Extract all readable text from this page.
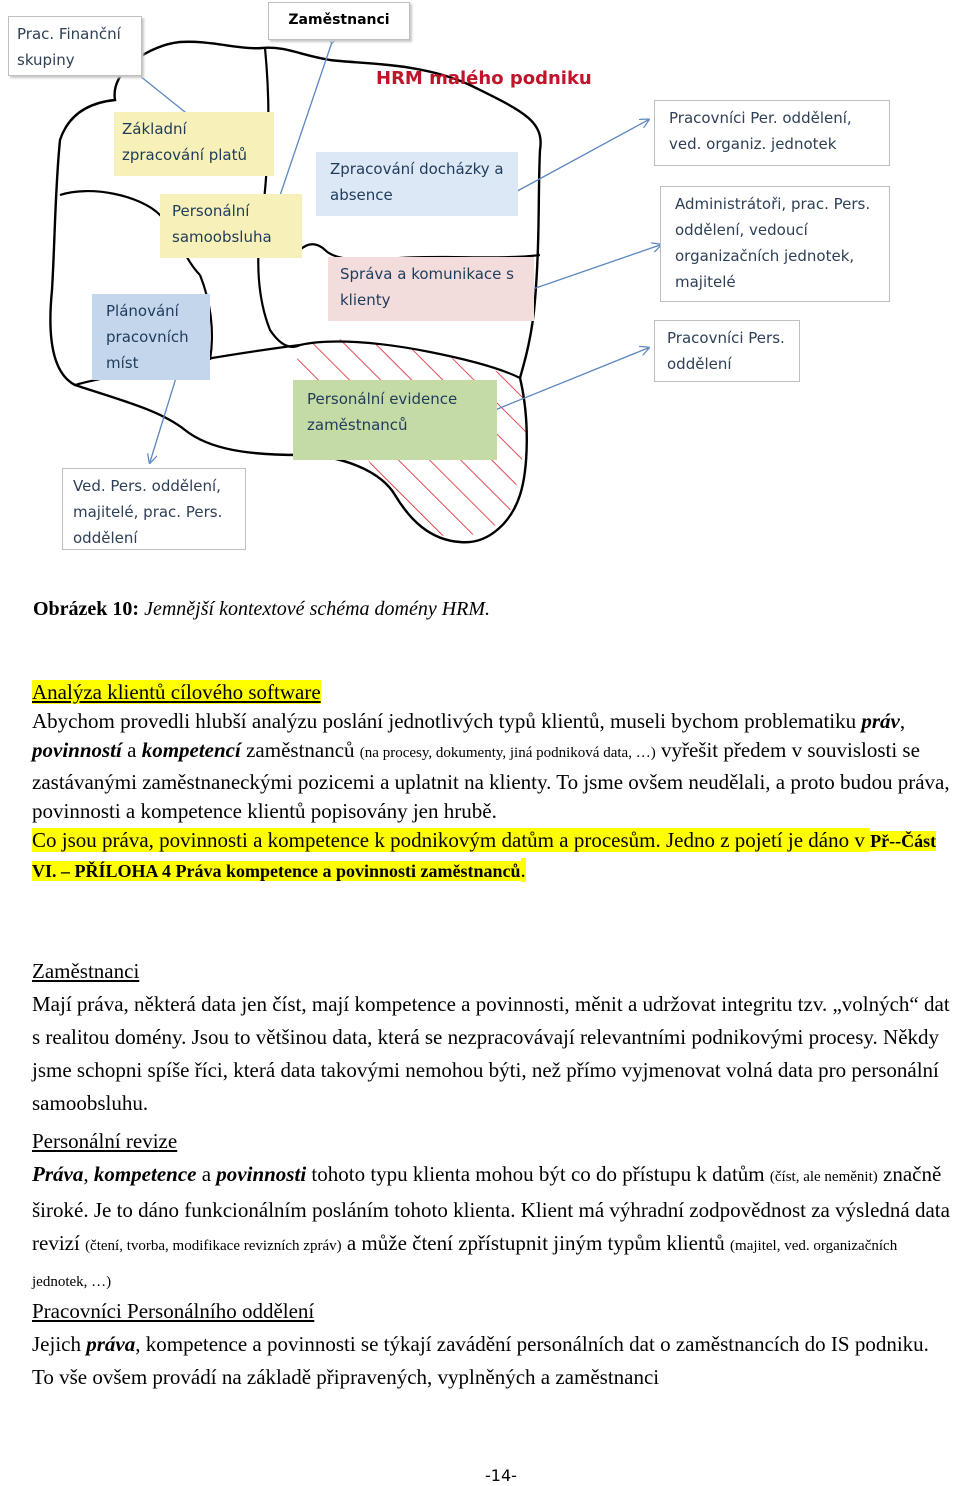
Zaměstnanci
HRM malého podniku
Prac. Finanční skupiny
Základní zpracování platů
Personální samoobsluha
Plánování pracovních míst
Zpracování docházky a absence
Správa a komunikace s klienty
Personální evidence zaměstnanců
Pracovníci Per. oddělení, ved. organiz. jednotek
Administrátoři, prac. Pers. oddělení, vedoucí organizačních jednotek, majitelé
Pracovníci Pers. oddělení
Ved. Pers. oddělení, majitelé, prac. Pers. oddělení
Obrázek 10: Jemnější kontextové schéma domény HRM.
Analýza klientů cílového software
Abychom provedli hlubší analýzu poslání jednotlivých typů klientů, museli bychom problematiku práv, povinností a kompetencí zaměstnanců (na procesy, dokumenty, jiná podniková data, …) vyřešit předem v souvislosti se zastávanými zaměstnaneckými pozicemi a uplatnit na klienty. To jsme ovšem neudělali, a proto budou práva, povinnosti a kompetence klientů popisovány jen hrubě.
Co jsou práva, povinnosti a kompetence k podnikovým datům a procesům. Jedno z pojetí je dáno v Př--Část VI. – PŘÍLOHA 4 Práva kompetence a povinnosti zaměstnanců.
Zaměstnanci
Mají práva, některá data jen číst, mají kompetence a povinnosti, měnit a udržovat integritu tzv. „volných“ dat s realitou domény. Jsou to většinou data, která se nezpracovávají relevantními podnikovými procesy. Někdy jsme schopni spíše říci, která data takovými nemohou býti, než přímo vyjmenovat volná data pro personální samoobsluhu.
Personální revize
Práva, kompetence a povinnosti tohoto typu klienta mohou být co do přístupu k datům (číst, ale neměnit) značně široké. Je to dáno funkcionálním posláním tohoto klienta. Klient má výhradní zodpovědnost za výsledná data revizí (čtení, tvorba, modifikace revizních zpráv) a může čtení zpřístupnit jiným typům klientů (majitel, ved. organizačních jednotek, …)
Pracovníci Personálního oddělení
Jejich práva, kompetence a povinnosti se týkají zavádění personálních dat o zaměstnancích do IS podniku. To vše ovšem provádí na základě připravených, vyplněných a zaměstnanci
-14-
